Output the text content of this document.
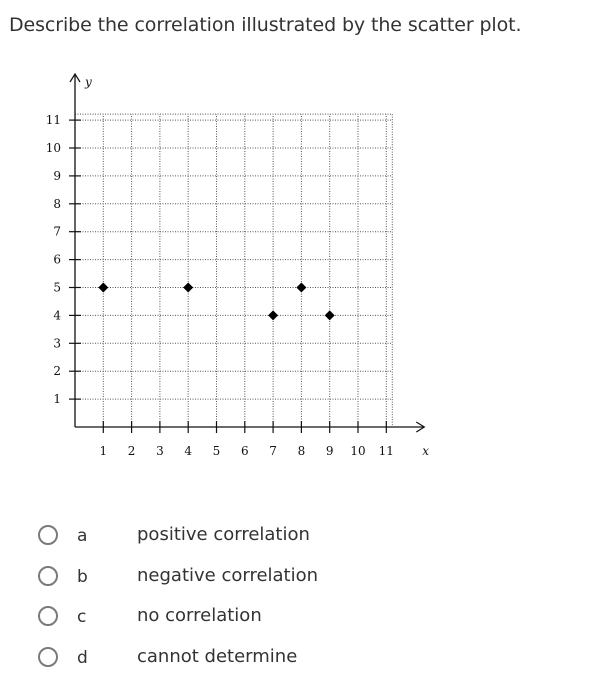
Describe the correlation illustrated by the scatter plot.
1 2 3 4 5 6 7 8 9 10 11
1
2
3
4
5
6
7
8
9
10
11
x
y
a	positive correlation
b	negative correlation
c	no correlation
d	cannot determine
